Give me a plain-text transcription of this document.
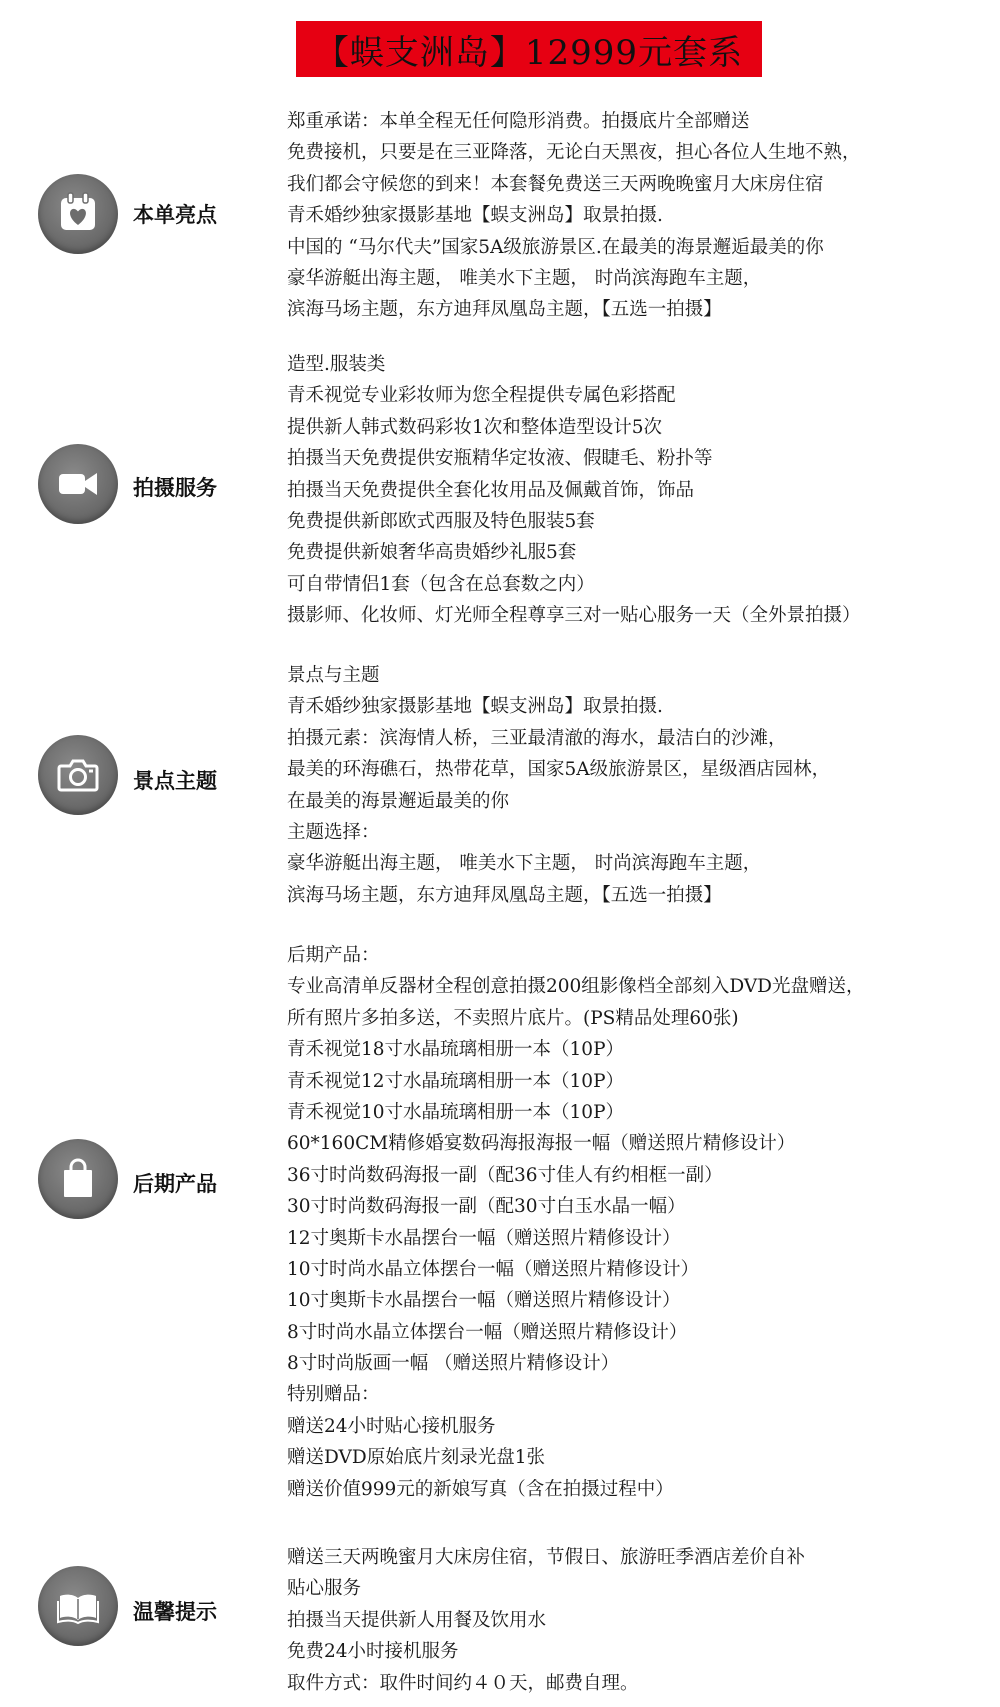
【蜈支洲岛】12999元套系
本单亮点
郑重承诺：本单全程无任何隐形消费。拍摄底片全部赠送
免费接机，只要是在三亚降落，无论白天黑夜，担心各位人生地不熟，
我们都会守候您的到来！本套餐免费送三天两晚晚蜜月大床房住宿
青禾婚纱独家摄影基地【蜈支洲岛】取景拍摄.
中国的 “马尔代夫”国家5A级旅游景区.在最美的海景邂逅最美的你
豪华游艇出海主题， 唯美水下主题， 时尚滨海跑车主题，
滨海马场主题，东方迪拜凤凰岛主题，【五选一拍摄】
拍摄服务
造型.服装类
青禾视觉专业彩妆师为您全程提供专属色彩搭配
提供新人韩式数码彩妆1次和整体造型设计5次
拍摄当天免费提供安瓶精华定妆液、假睫毛、粉扑等
拍摄当天免费提供全套化妆用品及佩戴首饰，饰品
免费提供新郎欧式西服及特色服装5套
免费提供新娘奢华高贵婚纱礼服5套
可自带情侣1套（包含在总套数之内）
摄影师、化妆师、灯光师全程尊享三对一贴心服务一天（全外景拍摄）
景点主题
景点与主题
青禾婚纱独家摄影基地【蜈支洲岛】取景拍摄.
拍摄元素：滨海情人桥，三亚最清澈的海水，最洁白的沙滩，
最美的环海礁石，热带花草，国家5A级旅游景区，星级酒店园林，
在最美的海景邂逅最美的你
主题选择：
豪华游艇出海主题， 唯美水下主题， 时尚滨海跑车主题，
滨海马场主题，东方迪拜凤凰岛主题，【五选一拍摄】
后期产品
后期产品：
专业高清单反器材全程创意拍摄200组影像档全部刻入DVD光盘赠送，
所有照片多拍多送，不卖照片底片。(PS精品处理60张)
青禾视觉18寸水晶琉璃相册一本（10P）
青禾视觉12寸水晶琉璃相册一本（10P）
青禾视觉10寸水晶琉璃相册一本（10P）
60*160CM精修婚宴数码海报海报一幅（赠送照片精修设计）
36寸时尚数码海报一副（配36寸佳人有约相框一副）
30寸时尚数码海报一副（配30寸白玉水晶一幅）
12寸奥斯卡水晶摆台一幅（赠送照片精修设计）
10寸时尚水晶立体摆台一幅（赠送照片精修设计）
10寸奥斯卡水晶摆台一幅（赠送照片精修设计）
8寸时尚水晶立体摆台一幅（赠送照片精修设计）
8寸时尚版画一幅 （赠送照片精修设计）
特别赠品：
赠送24小时贴心接机服务
赠送DVD原始底片刻录光盘1张
赠送价值999元的新娘写真（含在拍摄过程中）
温馨提示
赠送三天两晚蜜月大床房住宿，节假日、旅游旺季酒店差价自补
贴心服务
拍摄当天提供新人用餐及饮用水
免费24小时接机服务
取件方式：取件时间约４０天，邮费自理。
